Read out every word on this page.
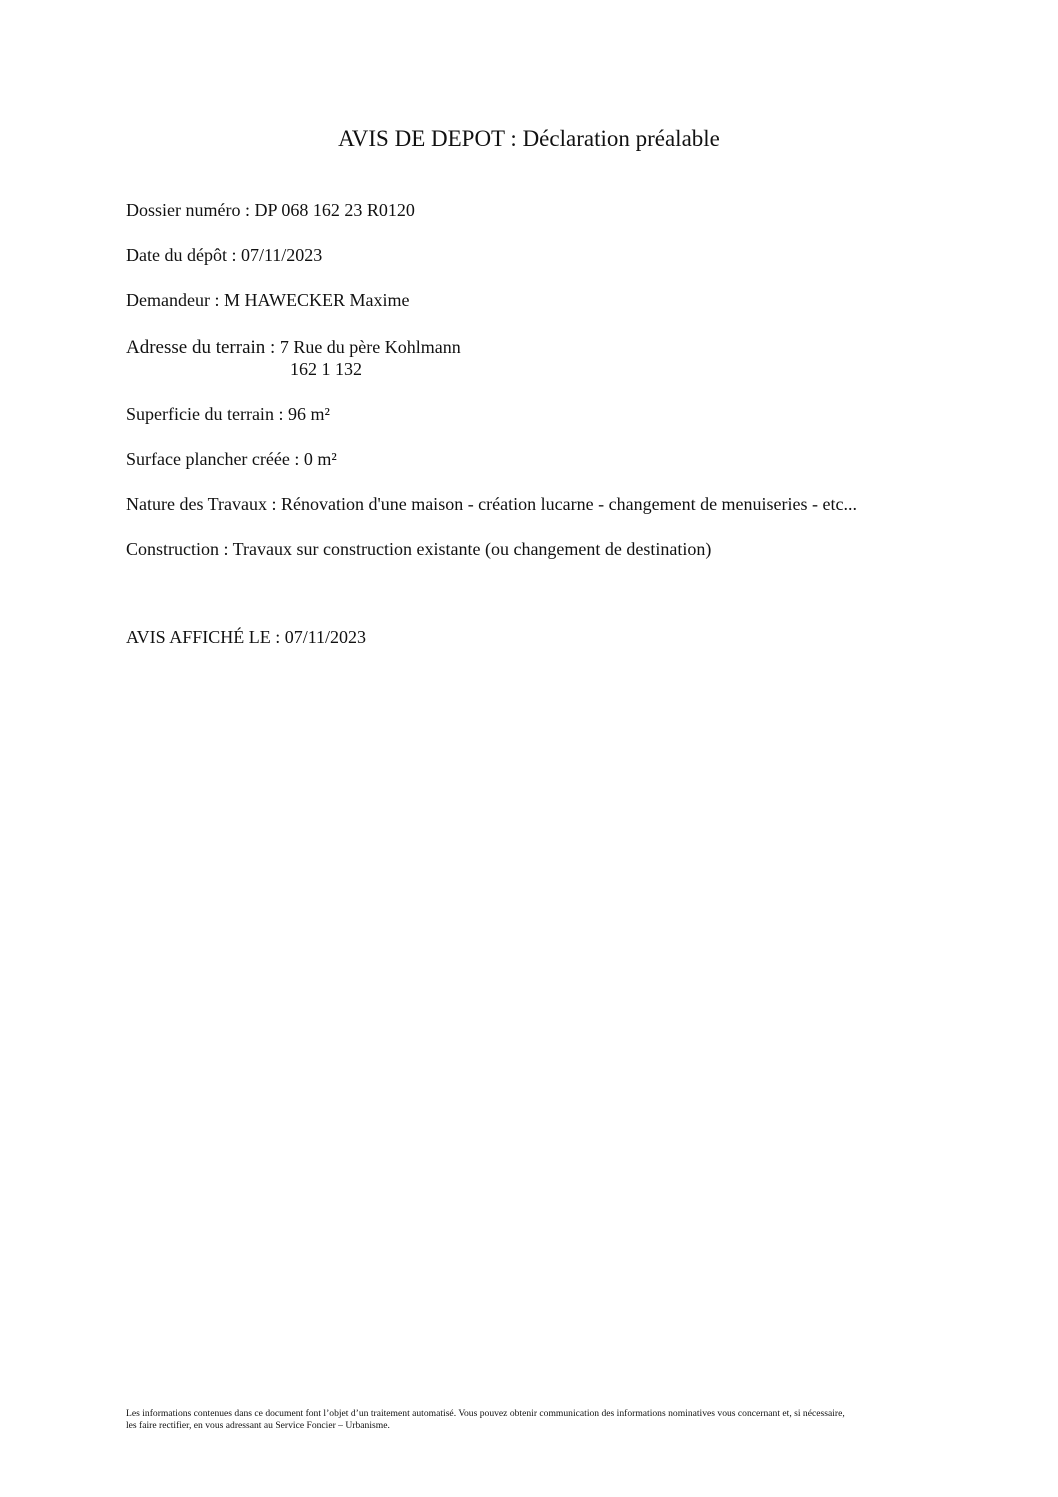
AVIS DE DEPOT : Déclaration préalable
Dossier numéro : DP 068 162 23 R0120
Date du dépôt : 07/11/2023
Demandeur : M HAWECKER Maxime
Adresse du terrain : 7 Rue du père Kohlmann
162 1 132
Superficie du terrain : 96 m²
Surface plancher créée : 0 m²
Nature des Travaux : Rénovation d'une maison - création lucarne - changement de menuiseries - etc...
Construction : Travaux sur construction existante (ou changement de destination)
AVIS AFFICHÉ LE : 07/11/2023
Les informations contenues dans ce document font l’objet d’un traitement automatisé. Vous pouvez obtenir communication des informations nominatives vous concernant et, si nécessaire,
les faire rectifier, en vous adressant au Service Foncier – Urbanisme.
